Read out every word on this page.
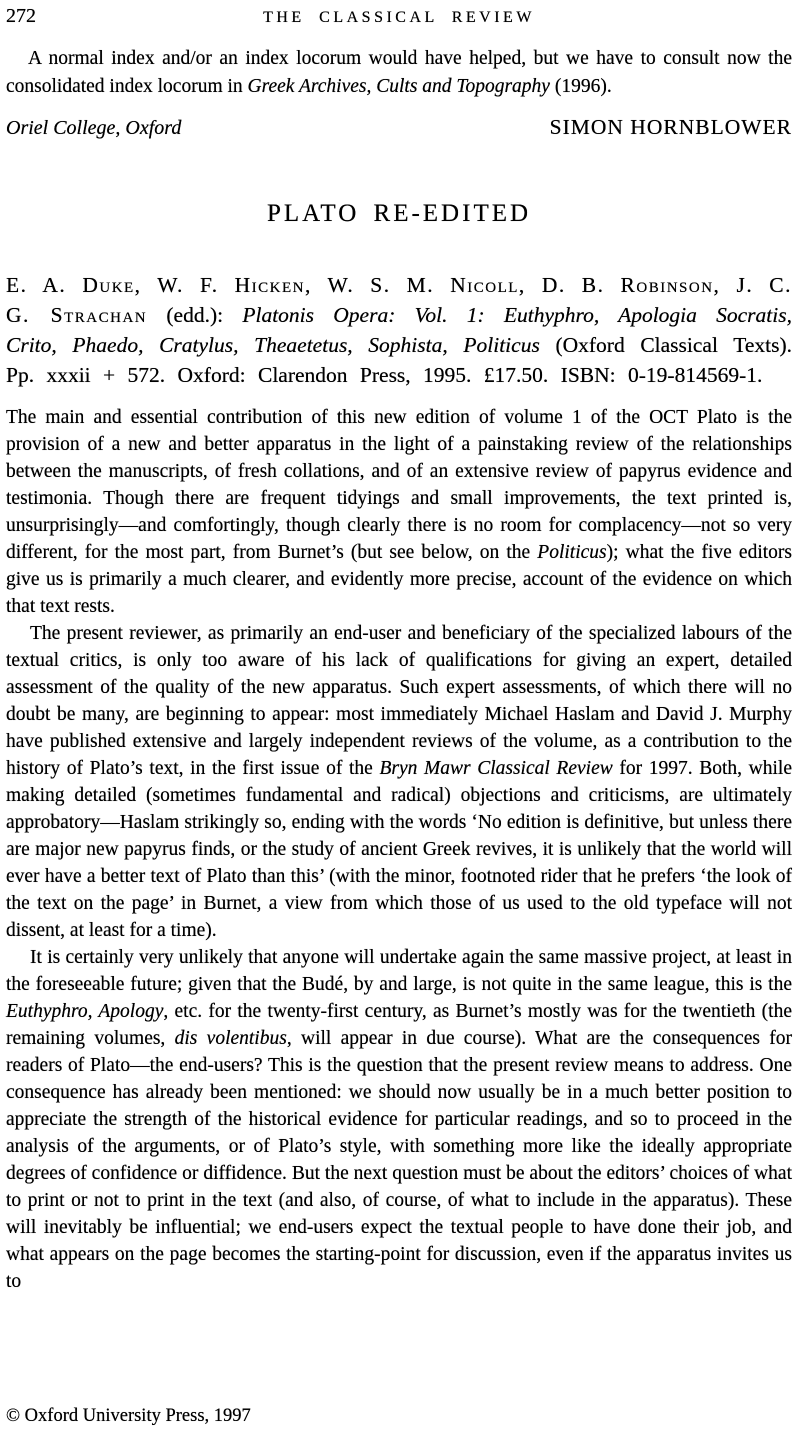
272	THE CLASSICAL REVIEW

A normal index and/or an index locorum would have helped, but we have to consult now the consolidated index locorum in Greek Archives, Cults and Topography (1996).

Oriel College, Oxford	SIMON HORNBLOWER
PLATO RE-EDITED

E. A. Duke, W. F. Hicken, W. S. M. Nicoll, D. B. Robinson, J. C. G. Strachan (edd.): Platonis Opera: Vol. 1: Euthyphro, Apologia Socratis, Crito, Phaedo, Cratylus, Theaetetus, Sophista, Politicus (Oxford Classical Texts). Pp. xxxii + 572. Oxford: Clarendon Press, 1995. £17.50. ISBN: 0-19-814569-1.

The main and essential contribution of this new edition of volume 1 of the OCT Plato is the provision of a new and better apparatus in the light of a painstaking review of the relationships between the manuscripts, of fresh collations, and of an extensive review of papyrus evidence and testimonia. Though there are frequent tidyings and small improvements, the text printed is, unsurprisingly—and comfortingly, though clearly there is no room for complacency—not so very different, for the most part, from Burnet’s (but see below, on the Politicus); what the five editors give us is primarily a much clearer, and evidently more precise, account of the evidence on which that text rests.

The present reviewer, as primarily an end-user and beneficiary of the specialized labours of the textual critics, is only too aware of his lack of qualifications for giving an expert, detailed assessment of the quality of the new apparatus. Such expert assessments, of which there will no doubt be many, are beginning to appear: most immediately Michael Haslam and David J. Murphy have published extensive and largely independent reviews of the volume, as a contribution to the history of Plato’s text, in the first issue of the Bryn Mawr Classical Review for 1997. Both, while making detailed (sometimes fundamental and radical) objections and criticisms, are ultimately approbatory—Haslam strikingly so, ending with the words ‘No edition is definitive, but unless there are major new papyrus finds, or the study of ancient Greek revives, it is unlikely that the world will ever have a better text of Plato than this’ (with the minor, footnoted rider that he prefers ‘the look of the text on the page’ in Burnet, a view from which those of us used to the old typeface will not dissent, at least for a time).

It is certainly very unlikely that anyone will undertake again the same massive project, at least in the foreseeable future; given that the Budé, by and large, is not quite in the same league, this is the Euthyphro, Apology, etc. for the twenty-first century, as Burnet’s mostly was for the twentieth (the remaining volumes, dis volentibus, will appear in due course). What are the consequences for readers of Plato—the end-users? This is the question that the present review means to address. One consequence has already been mentioned: we should now usually be in a much better position to appreciate the strength of the historical evidence for particular readings, and so to proceed in the analysis of the arguments, or of Plato’s style, with something more like the ideally appropriate degrees of confidence or diffidence. But the next question must be about the editors’ choices of what to print or not to print in the text (and also, of course, of what to include in the apparatus). These will inevitably be influential; we end-users expect the textual people to have done their job, and what appears on the page becomes the starting-point for discussion, even if the apparatus invites us to

© Oxford University Press, 1997
